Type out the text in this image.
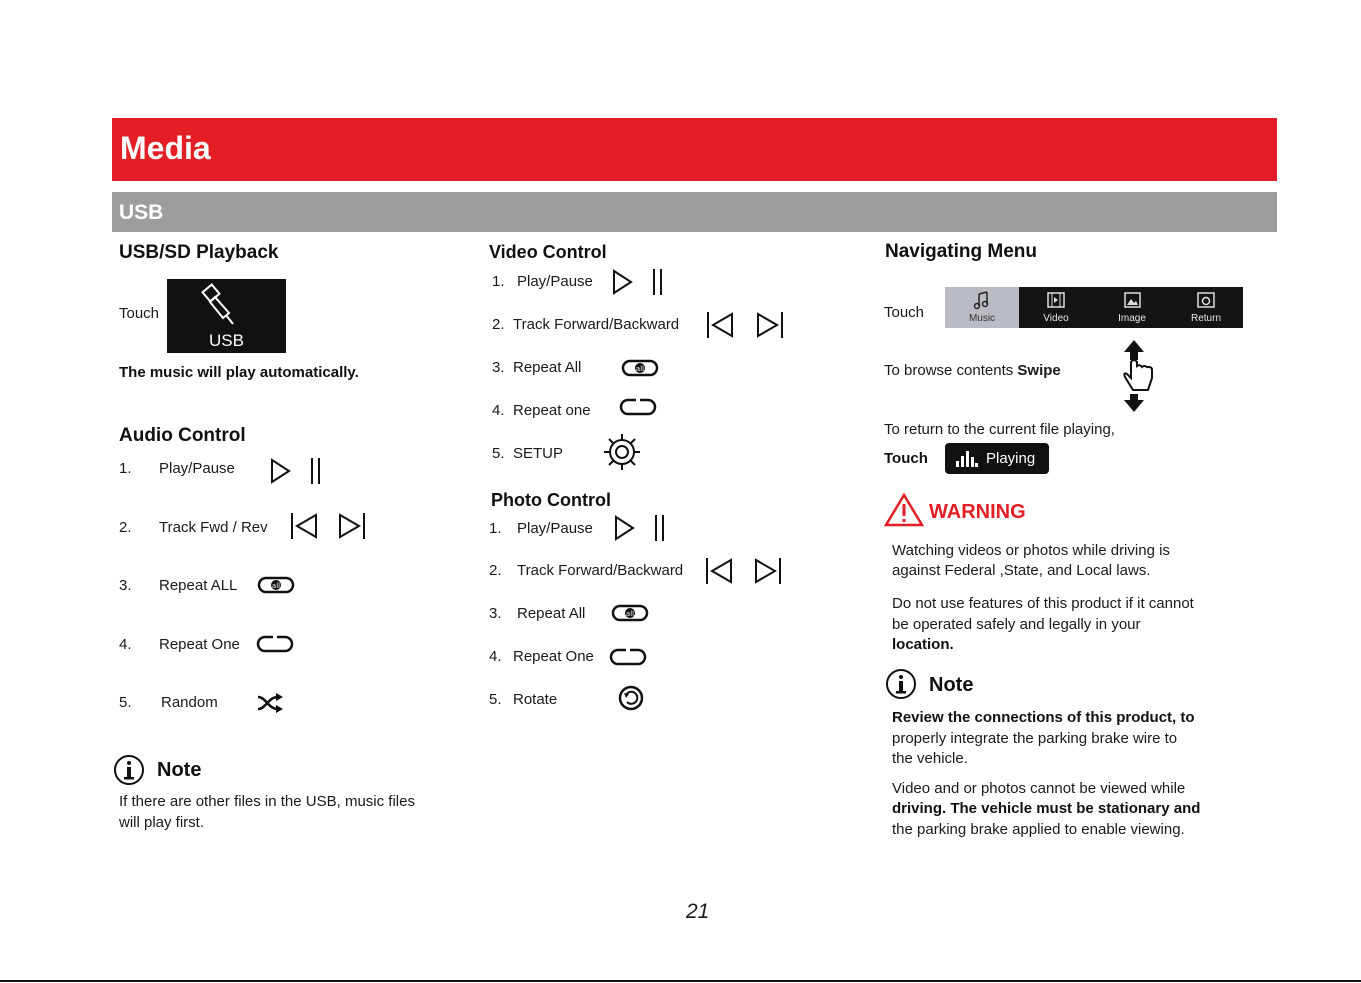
Media
USB
USB/SD Playback
Touch
USB
The music will play automatically.
Audio Control
1. Play/Pause
2. Track Fwd / Rev
3. Repeat ALL
4. Repeat One
5. Random
all
Note
If there are other files in the USB, music files
will play first.
Video Control
1. Play/Pause
2. Track Forward/Backward
3. Repeat All
4. Repeat one
5. SETUP
all
Photo Control
1. Play/Pause
2. Track Forward/Backward
3. Repeat All
4. Repeat One
5. Rotate
all
Navigating Menu
Touch	Music	Video	Image	Return
To browse contents Swipe
To return to the current file playing,
Touch	Playing
WARNING
Watching videos or photos while driving is
against Federal ,State, and Local laws.
Do not use features of this product if it cannot
be operated safely and legally in your
location.
Note
Review the connections of this product, to
properly integrate the parking brake wire to
the vehicle.
Video and or photos cannot be viewed while
driving. The vehicle must be stationary and
the parking brake applied to enable viewing.
21
